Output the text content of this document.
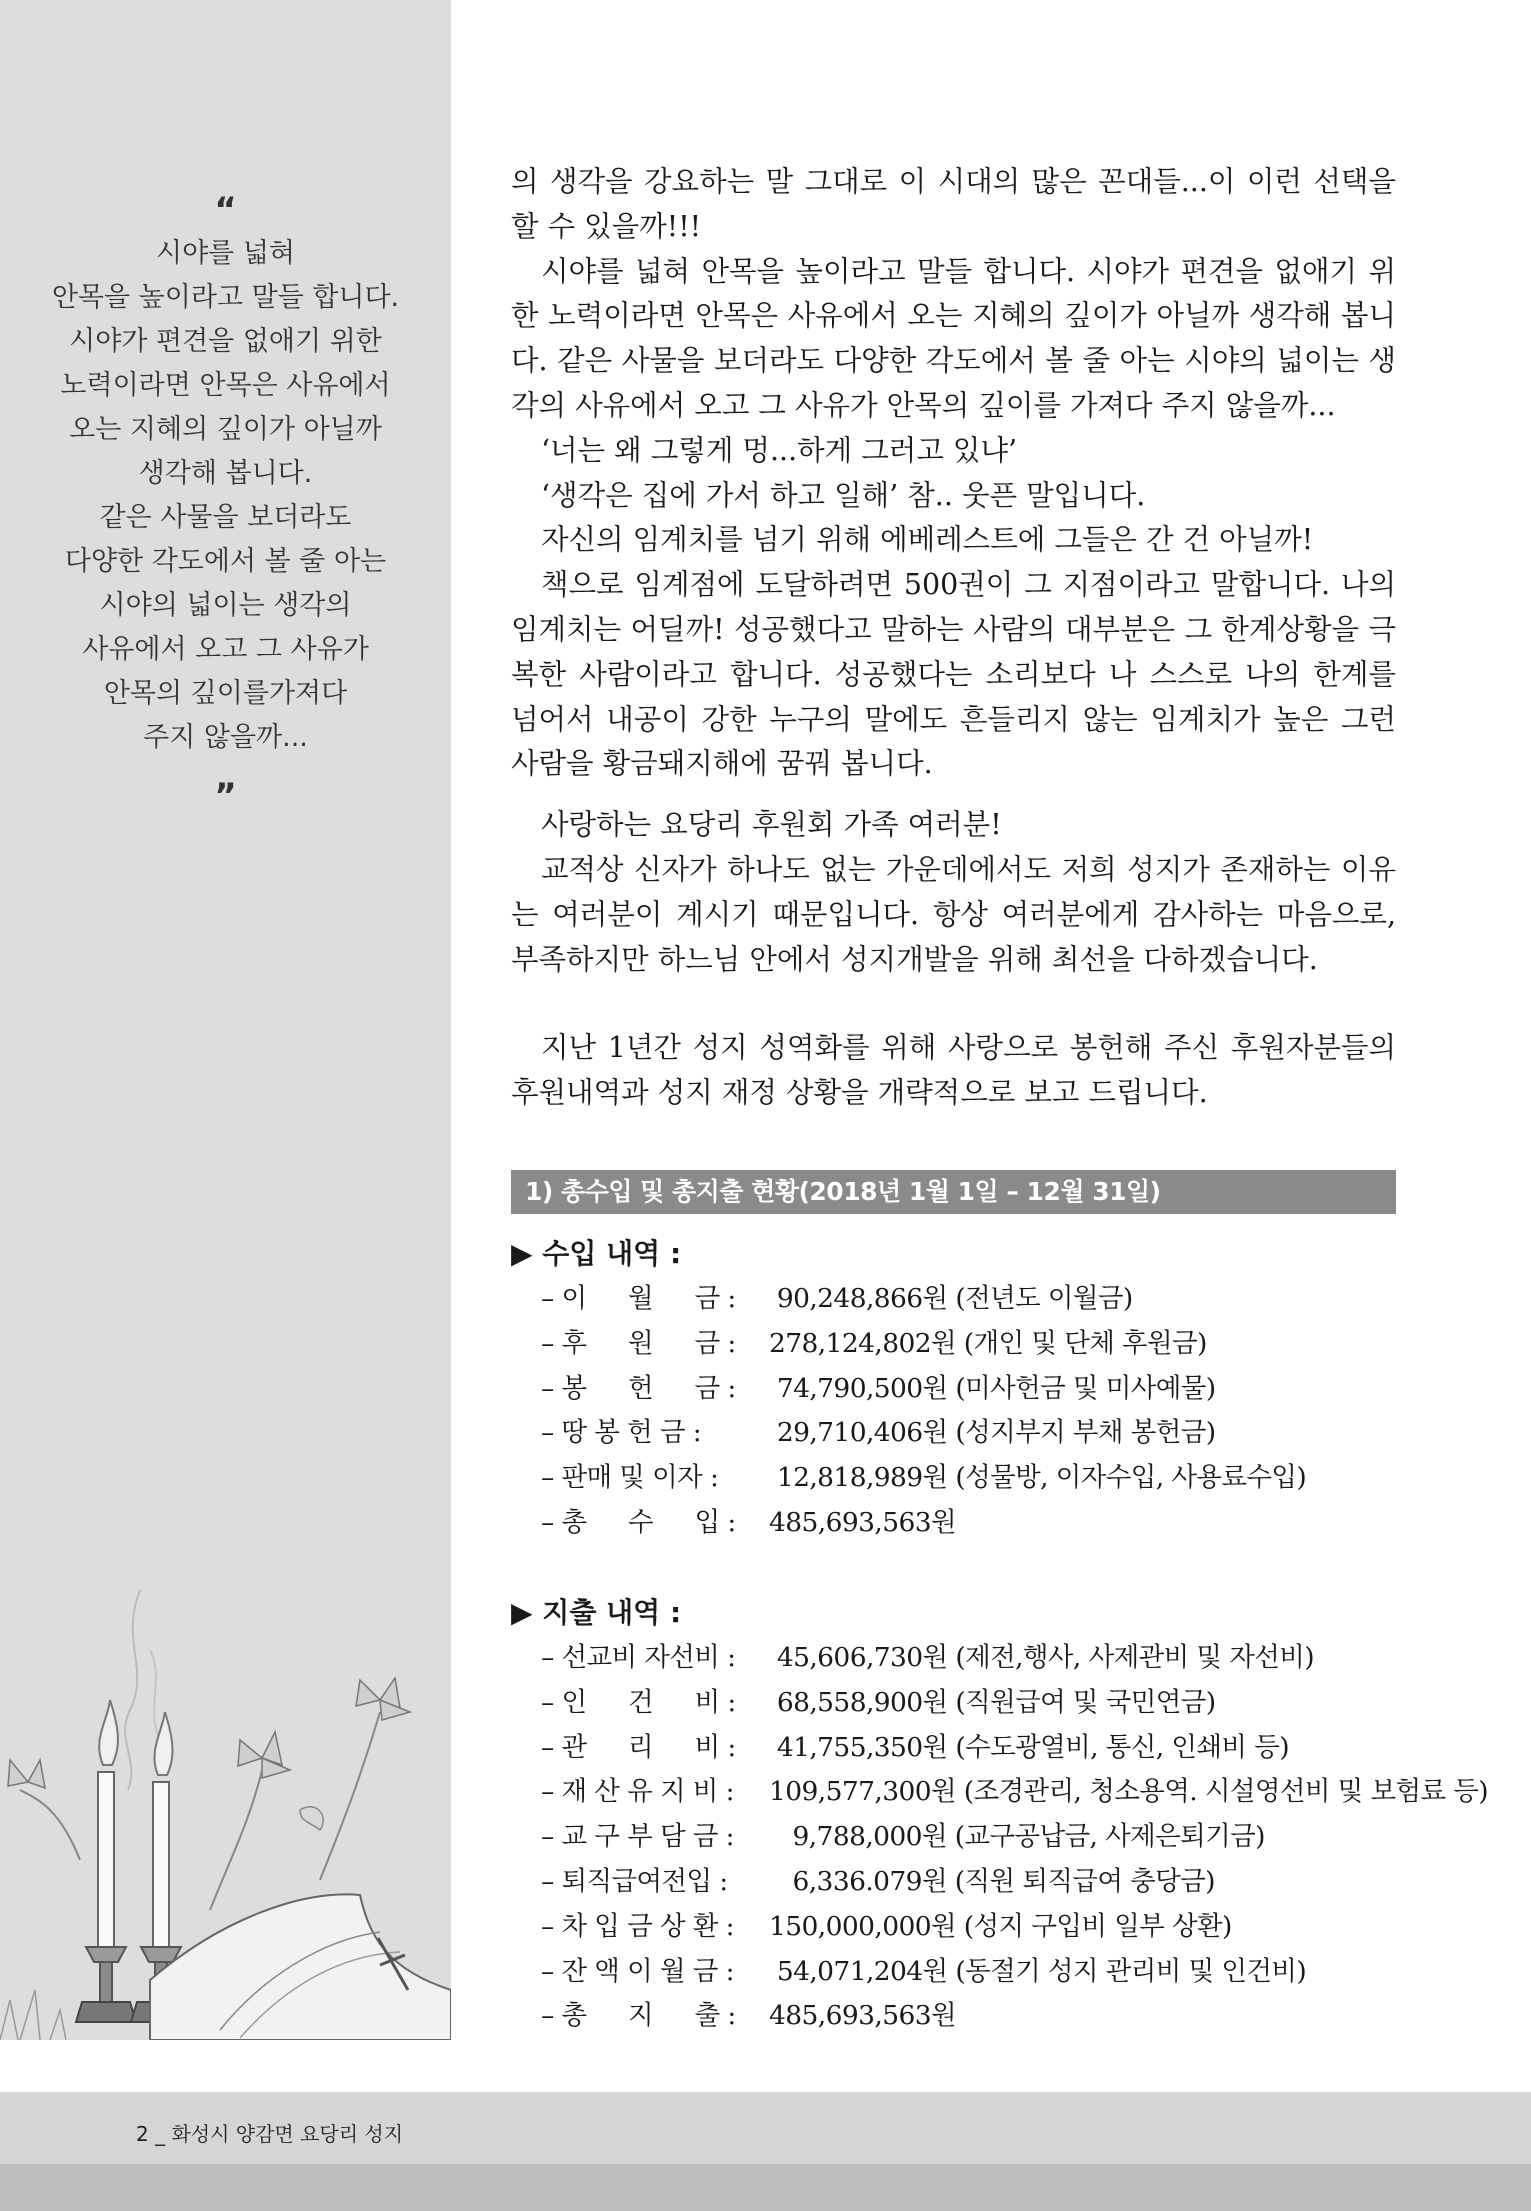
“
시야를 넓혀
안목을 높이라고 말들 합니다.
시야가 편견을 없애기 위한
노력이라면 안목은 사유에서
오는 지혜의 깊이가 아닐까
생각해 봅니다.
같은 사물을 보더라도
다양한 각도에서 볼 줄 아는
시야의 넓이는 생각의
사유에서 오고 그 사유가
안목의 깊이를가져다
주지 않을까...
”
의 생각을 강요하는 말 그대로 이 시대의 많은 꼰대들...이 이런 선택을 할 수 있을까!!!
시야를 넓혀 안목을 높이라고 말들 합니다. 시야가 편견을 없애기 위한 노력이라면 안목은 사유에서 오는 지혜의 깊이가 아닐까 생각해 봅니다. 같은 사물을 보더라도 다양한 각도에서 볼 줄 아는 시야의 넓이는 생각의 사유에서 오고 그 사유가 안목의 깊이를 가져다 주지 않을까...
‘너는 왜 그렇게 멍...하게 그러고 있냐’
‘생각은 집에 가서 하고 일해’ 참.. 웃픈 말입니다.
자신의 임계치를 넘기 위해 에베레스트에 그들은 간 건 아닐까!
책으로 임계점에 도달하려면 500권이 그 지점이라고 말합니다. 나의 임계치는 어딜까! 성공했다고 말하는 사람의 대부분은 그 한계상황을 극복한 사람이라고 합니다. 성공했다는 소리보다 나 스스로 나의 한계를 넘어서 내공이 강한 누구의 말에도 흔들리지 않는 임계치가 높은 그런 사람을 황금돼지해에 꿈꿔 봅니다.
사랑하는 요당리 후원회 가족 여러분!
교적상 신자가 하나도 없는 가운데에서도 저희 성지가 존재하는 이유는 여러분이 계시기 때문입니다. 항상 여러분에게 감사하는 마음으로, 부족하지만 하느님 안에서 성지개발을 위해 최선을 다하겠습니다.
지난 1년간 성지 성역화를 위해 사랑으로 봉헌해 주신 후원자분들의 후원내역과 성지 재정 상황을 개략적으로 보고 드립니다.
1) 총수입 및 총지출 현황(2018년 1월 1일 – 12월 31일)
▶ 수입 내역 :
– 이 　 월 　 금 :	90,248,866원 (전년도 이월금)
– 후 　 원 　 금 :	278,124,802원 (개인 및 단체 후원금)
– 봉 　 헌 　 금 :	74,790,500원 (미사헌금 및 미사예물)
– 땅 봉 헌 금 :	29,710,406원 (성지부지 부채 봉헌금)
– 판매 및 이자 :	12,818,989원 (성물방, 이자수입, 사용료수입)
– 총 　 수 　 입 :	485,693,563원
▶ 지출 내역 :
– 선교비 자선비 :	45,606,730원 (제전,행사, 사제관비 및 자선비)
– 인 　 건 　 비 :	68,558,900원 (직원급여 및 국민연금)
– 관 　 리 　 비 :	41,755,350원 (수도광열비, 통신, 인쇄비 등)
– 재 산 유 지 비 :	109,577,300원 (조경관리, 청소용역. 시설영선비 및 보험료 등)
– 교 구 부 담 금 :	9,788,000원 (교구공납금, 사제은퇴기금)
– 퇴직급여전입 :	6,336.079원 (직원 퇴직급여 충당금)
– 차 입 금 상 환 :	150,000,000원 (성지 구입비 일부 상환)
– 잔 액 이 월 금 :	54,071,204원 (동절기 성지 관리비 및 인건비)
– 총 　 지 　 출 :	485,693,563원
2 _ 화성시 양감면 요당리 성지
